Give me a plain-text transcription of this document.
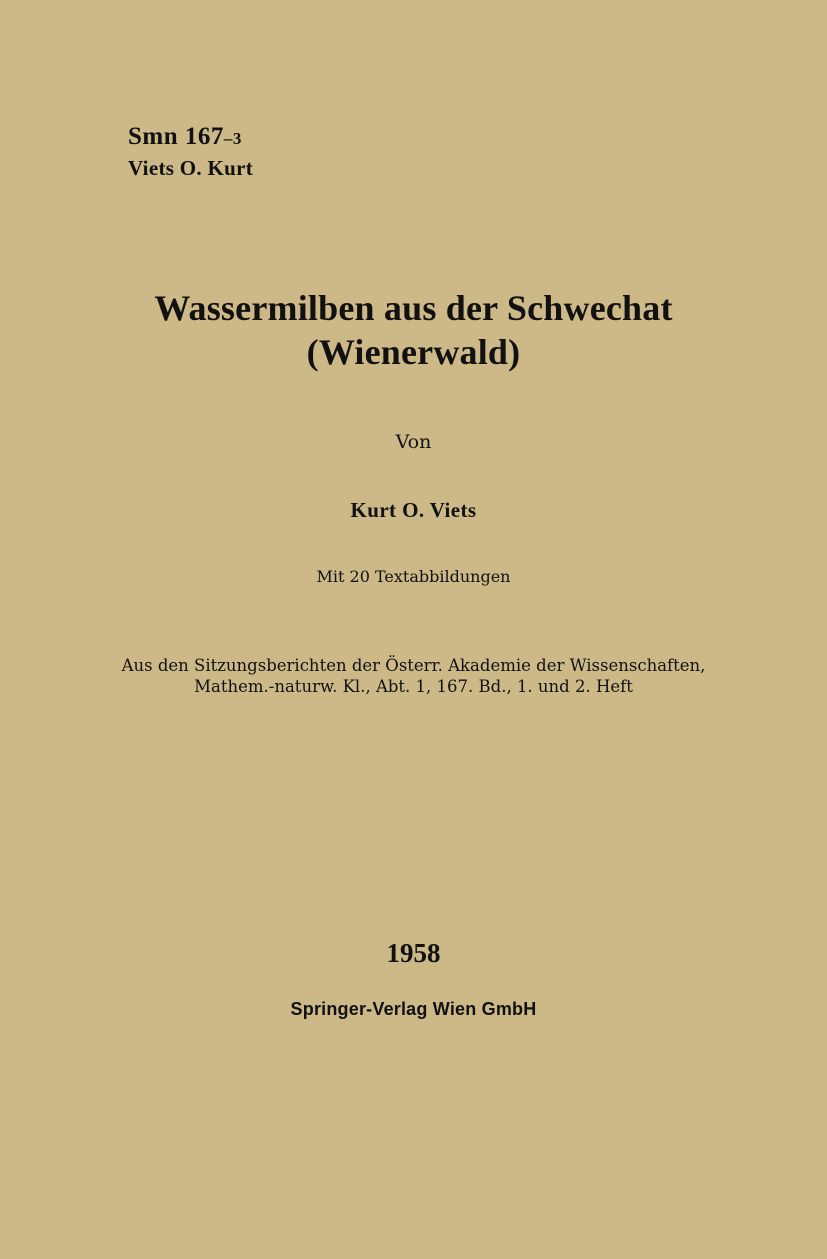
Smn 167–3
Viets O. Kurt
Wassermilben aus der Schwechat
(Wienerwald)
Von
Kurt O. Viets
Mit 20 Textabbildungen
Aus den Sitzungsberichten der Österr. Akademie der Wissenschaften,
Mathem.-naturw. Kl., Abt. 1, 167. Bd., 1. und 2. Heft
1958
Springer-Verlag Wien GmbH
